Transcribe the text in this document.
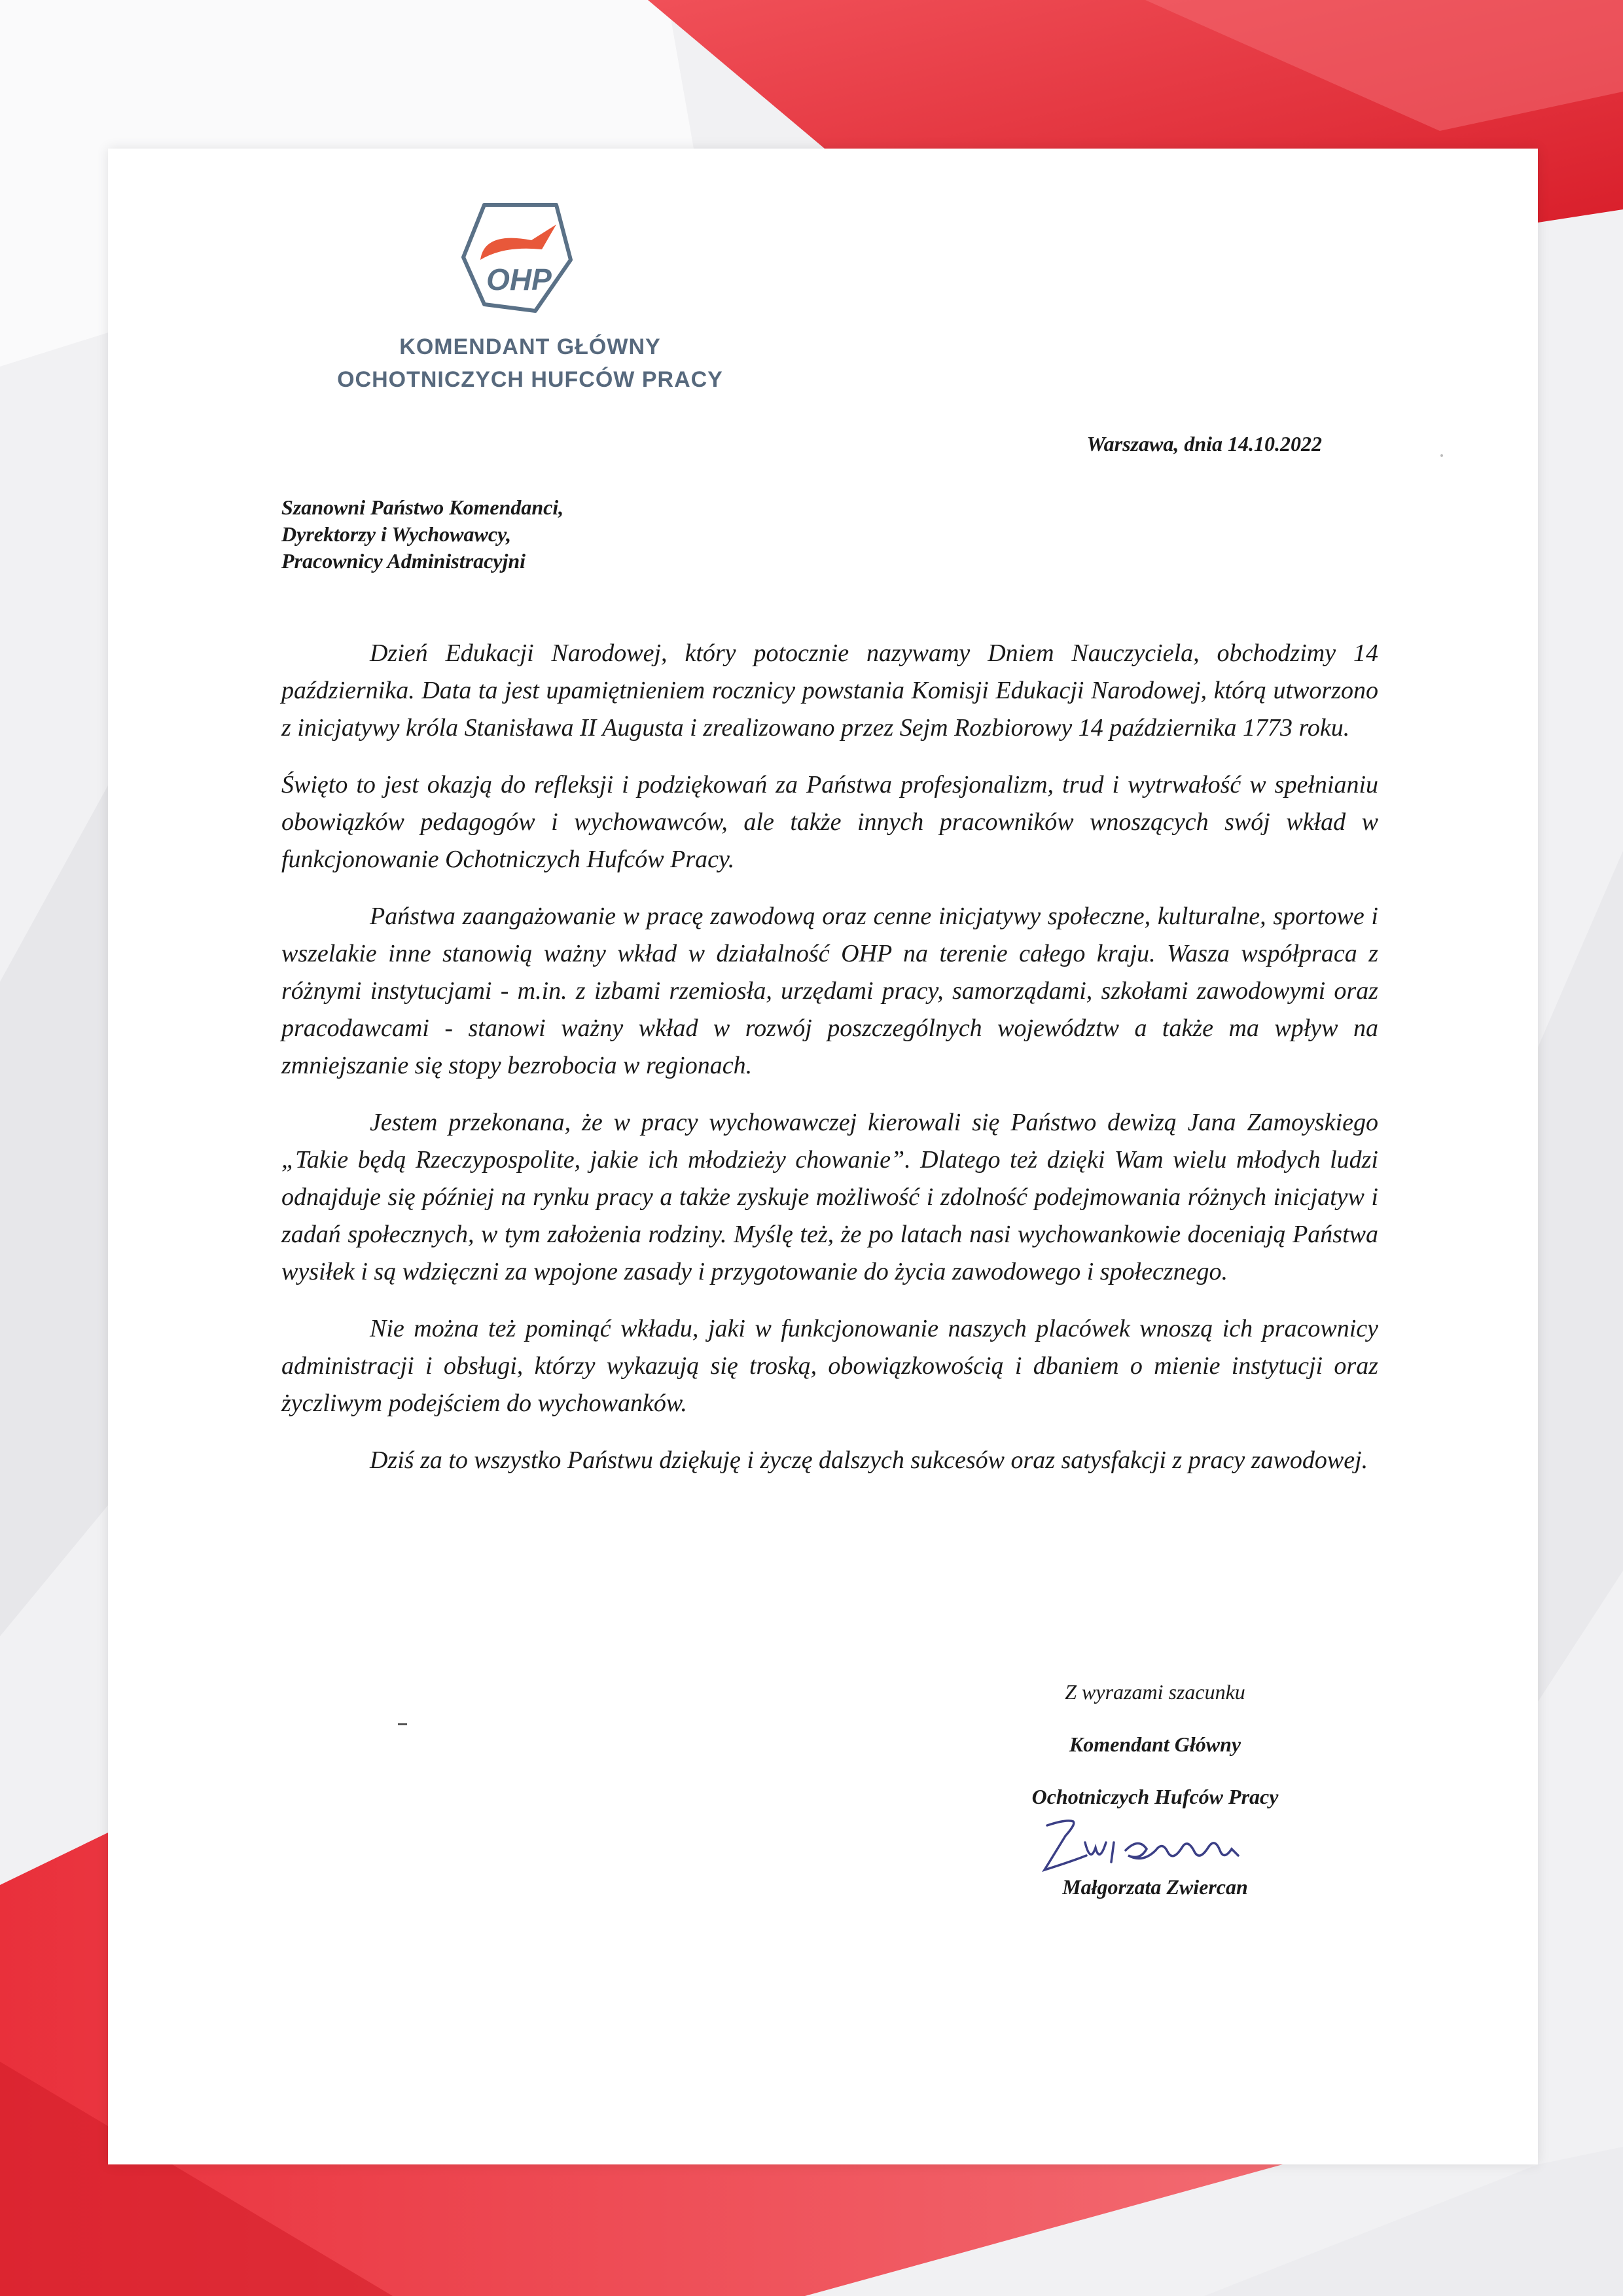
OHP
KOMENDANT GŁÓWNY
OCHOTNICZYCH HUFCÓW PRACY
Warszawa, dnia 14.10.2022
Szanowni Państwo Komendanci,
Dyrektorzy i Wychowawcy,
Pracownicy Administracyjni

Dzień Edukacji Narodowej, który potocznie nazywamy Dniem Nauczyciela, obchodzimy 14 października. Data ta jest upamiętnieniem rocznicy powstania Komisji Edukacji Narodowej, którą utworzono z inicjatywy króla Stanisława II Augusta i zrealizowano przez Sejm Rozbiorowy 14 października 1773 roku.

Święto to jest okazją do refleksji i podziękowań za Państwa profesjonalizm, trud i wytrwałość w spełnianiu obowiązków pedagogów i wychowawców, ale także innych pracowników wnoszących swój wkład w funkcjonowanie Ochotniczych Hufców Pracy.

Państwa zaangażowanie w pracę zawodową oraz cenne inicjatywy społeczne, kulturalne, sportowe i wszelakie inne stanowią ważny wkład w działalność OHP na terenie całego kraju. Wasza współpraca z różnymi instytucjami - m.in. z izbami rzemiosła, urzędami pracy, samorządami, szkołami zawodowymi oraz pracodawcami - stanowi ważny wkład w rozwój poszczególnych województw a także ma wpływ na zmniejszanie się stopy bezrobocia w regionach.

Jestem przekonana, że w pracy wychowawczej kierowali się Państwo dewizą Jana Zamoyskiego „Takie będą Rzeczypospolite, jakie ich młodzieży chowanie”. Dlatego też dzięki Wam wielu młodych ludzi odnajduje się później na rynku pracy a także zyskuje możliwość i zdolność podejmowania różnych inicjatyw i zadań społecznych, w tym założenia rodziny. Myślę też, że po latach nasi wychowankowie doceniają Państwa wysiłek i są wdzięczni za wpojone zasady i przygotowanie do życia zawodowego i społecznego.

Nie można też pominąć wkładu, jaki w funkcjonowanie naszych placówek wnoszą ich pracownicy administracji i obsługi, którzy wykazują się troską, obowiązkowością i dbaniem o mienie instytucji oraz życzliwym podejściem do wychowanków.

Dziś za to wszystko Państwu dziękuję i życzę dalszych sukcesów oraz satysfakcji z pracy zawodowej.

Z wyrazami szacunku
Komendant Główny
Ochotniczych Hufców Pracy
Małgorzata Zwiercan
